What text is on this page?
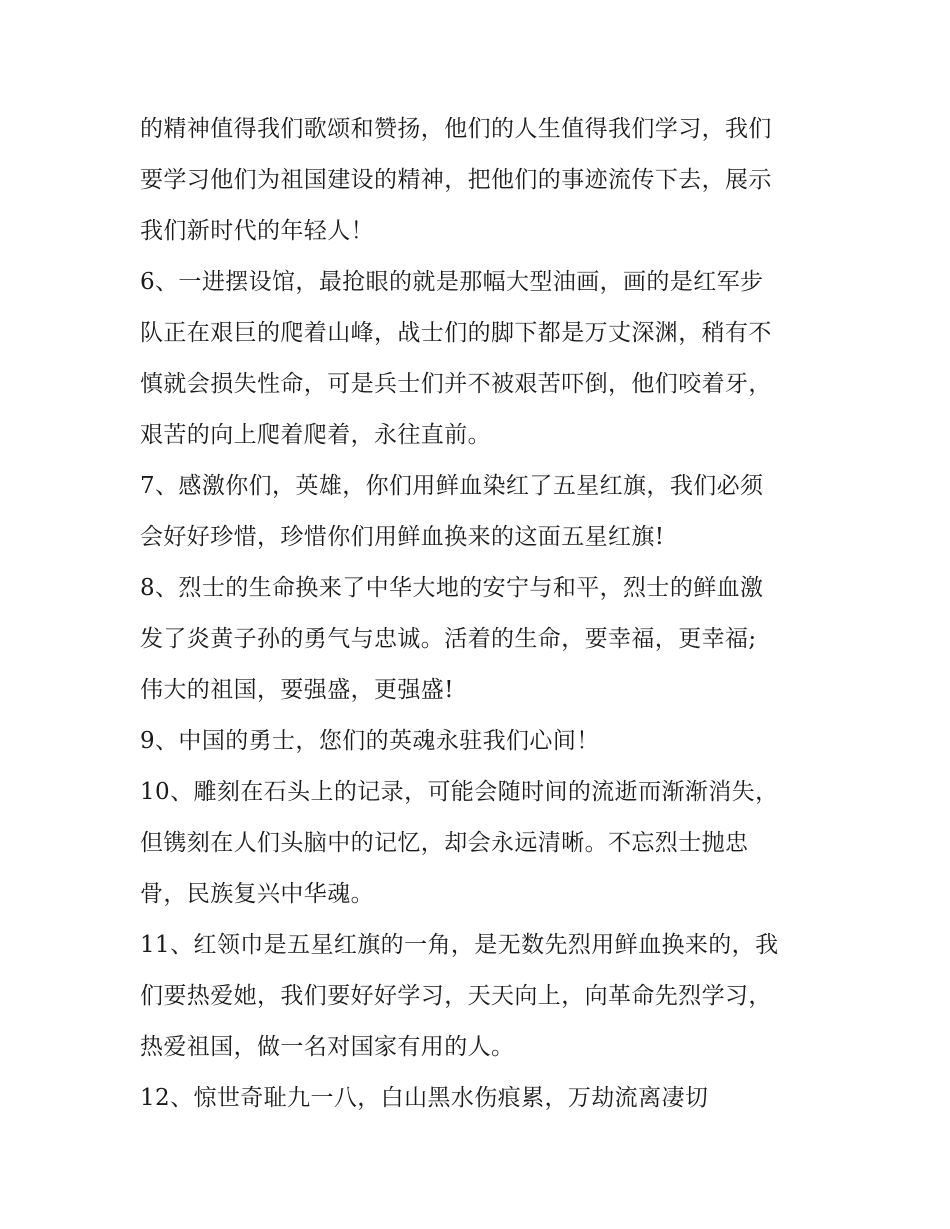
的精神值得我们歌颂和赞扬，他们的人生值得我们学习，我们
要学习他们为祖国建设的精神，把他们的事迹流传下去，展示
我们新时代的年轻人！
6、一进摆设馆，最抢眼的就是那幅大型油画，画的是红军步
队正在艰巨的爬着山峰，战士们的脚下都是万丈深渊，稍有不
慎就会损失性命，可是兵士们并不被艰苦吓倒，他们咬着牙，
艰苦的向上爬着爬着，永往直前。
7、感激你们，英雄，你们用鲜血染红了五星红旗，我们必须
会好好珍惜，珍惜你们用鲜血换来的这面五星红旗!
8、烈士的生命换来了中华大地的安宁与和平，烈士的鲜血激
发了炎黄子孙的勇气与忠诚。活着的生命，要幸福，更幸福;
伟大的祖国，要强盛，更强盛!
9、中国的勇士，您们的英魂永驻我们心间！
10、雕刻在石头上的记录，可能会随时间的流逝而渐渐消失，
但镌刻在人们头脑中的记忆，却会永远清晰。不忘烈士抛忠
骨，民族复兴中华魂。
11、红领巾是五星红旗的一角，是无数先烈用鲜血换来的，我
们要热爱她，我们要好好学习，天天向上，向革命先烈学习，
热爱祖国，做一名对国家有用的人。
12、惊世奇耻九一八，白山黑水伤痕累，万劫流离凄切
